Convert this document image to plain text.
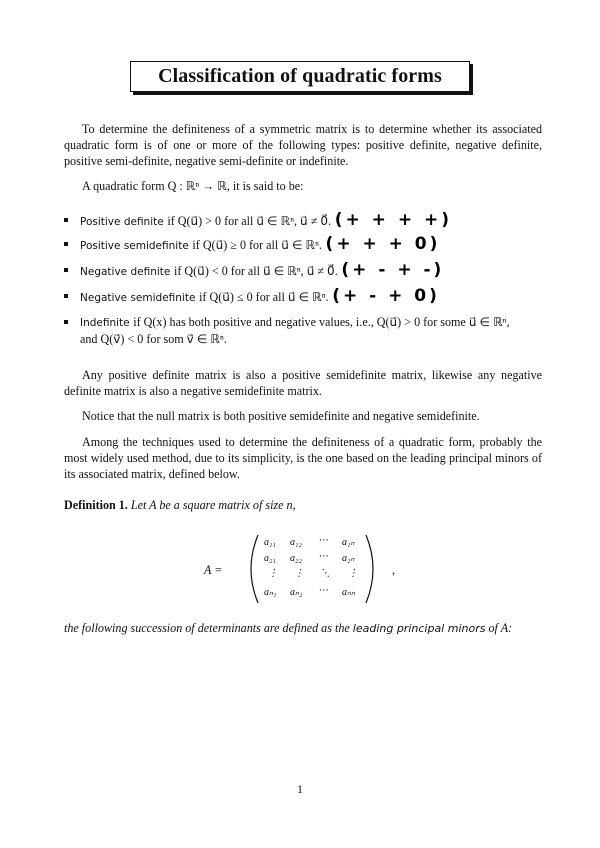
Classification of quadratic forms
To determine the definiteness of a symmetric matrix is to determine whether its associated quadratic form is of one or more of the following types: positive definite, negative definite, positive semi-definite, negative semi-definite or indefinite.
A quadratic form Q : ℝⁿ → ℝ, it is said to be:
Positive definite if Q(u⃗) > 0 for all u⃗ ∈ ℝⁿ, u⃗ ≠ 0⃗. (+ + + +)
Positive semidefinite if Q(u⃗) ≥ 0 for all u⃗ ∈ ℝⁿ. (+ + + 0)
Negative definite if Q(u⃗) < 0 for all u⃗ ∈ ℝⁿ, u⃗ ≠ 0⃗. (+ - + -)
Negative semidefinite if Q(u⃗) ≤ 0 for all u⃗ ∈ ℝⁿ. (+ - + 0)
Indefinite if Q(x) has both positive and negative values, i.e., Q(u⃗) > 0 for some u⃗ ∈ ℝⁿ,
and Q(v⃗) < 0 for som v⃗ ∈ ℝⁿ.
Any positive definite matrix is also a positive semidefinite matrix, likewise any negative definite matrix is also a negative semidefinite matrix.
Notice that the null matrix is both positive semidefinite and negative semidefinite.
Among the techniques used to determine the definiteness of a quadratic form, probably the most widely used method, due to its simplicity, is the one based on the leading principal minors of its associated matrix, defined below.
Definition 1. Let A be a square matrix of size n,
A =
a₁₁ a₁₂ ⋯ a₁ₙ
a₂₁ a₂₂ ⋯ a₂ₙ
⋮ ⋮ ⋱ ⋮
aₙ₁ aₙ₂ ⋯ aₙₙ
,
the following succession of determinants are defined as the leading principal minors of A:
1
